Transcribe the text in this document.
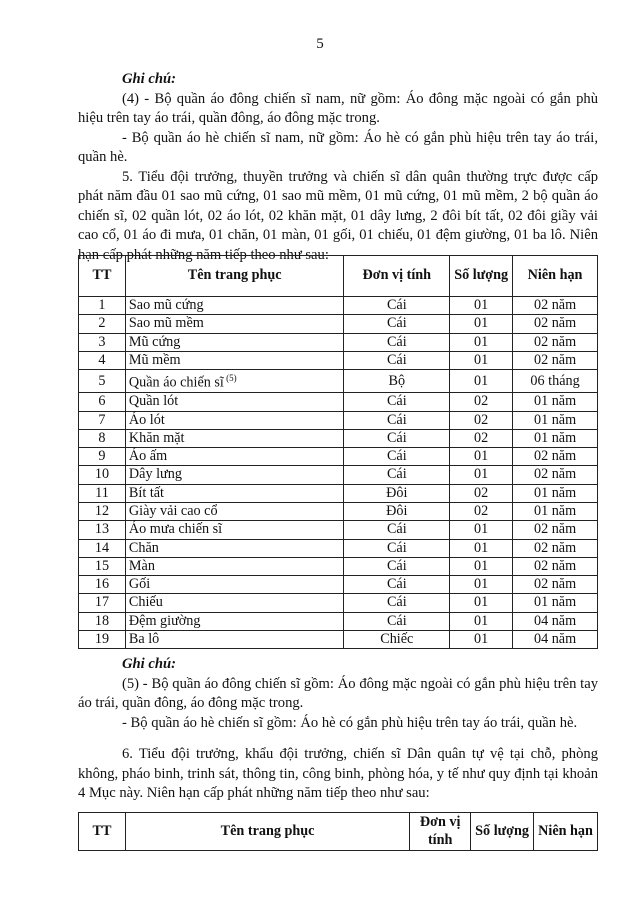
5

Ghi chú:

(4) - Bộ quần áo đông chiến sĩ nam, nữ gồm: Áo đông mặc ngoài có gắn phù hiệu trên tay áo trái, quần đông, áo đông mặc trong.

- Bộ quần áo hè chiến sĩ nam, nữ gồm: Áo hè có gắn phù hiệu trên tay áo trái, quần hè.

5. Tiểu đội trưởng, thuyền trưởng và chiến sĩ dân quân thường trực được cấp phát năm đầu 01 sao mũ cứng, 01 sao mũ mềm, 01 mũ cứng, 01 mũ mềm, 2 bộ quần áo chiến sĩ, 02 quần lót, 02 áo lót, 02 khăn mặt, 01 dây lưng, 2 đôi bít tất, 02 đôi giầy vải cao cổ, 01 áo đi mưa, 01 chăn, 01 màn, 01 gối, 01 chiếu, 01 đệm giường, 01 ba lô. Niên hạn cấp phát những năm tiếp theo như sau:

TT	Tên trang phục	Đơn vị tính	Số lượng	Niên hạn
1	Sao mũ cứng	Cái	01	02 năm
2	Sao mũ mềm	Cái	01	02 năm
3	Mũ cứng	Cái	01	02 năm
4	Mũ mềm	Cái	01	02 năm
5	Quần áo chiến sĩ $^{(5)}$	Bộ	01	06 tháng
6	Quần lót	Cái	02	01 năm
7	Áo lót	Cái	02	01 năm
8	Khăn mặt	Cái	02	01 năm
9	Áo ấm	Cái	01	02 năm
10	Dây lưng	Cái	01	02 năm
11	Bít tất	Đôi	02	01 năm
12	Giày vải cao cổ	Đôi	02	01 năm
13	Áo mưa chiến sĩ	Cái	01	02 năm
14	Chăn	Cái	01	02 năm
15	Màn	Cái	01	02 năm
16	Gối	Cái	01	02 năm
17	Chiếu	Cái	01	01 năm
18	Đệm giường	Cái	01	04 năm
19	Ba lô	Chiếc	01	04 năm

Ghi chú:

(5) - Bộ quần áo đông chiến sĩ gồm: Áo đông mặc ngoài có gắn phù hiệu trên tay áo trái, quần đông, áo đông mặc trong.

- Bộ quần áo hè chiến sĩ gồm: Áo hè có gắn phù hiệu trên tay áo trái, quần hè.

6. Tiểu đội trưởng, khẩu đội trưởng, chiến sĩ Dân quân tự vệ tại chỗ, phòng không, pháo binh, trinh sát, thông tin, công binh, phòng hóa, y tế như quy định tại khoản 4 Mục này. Niên hạn cấp phát những năm tiếp theo như sau:

TT	Tên trang phục	Đơn vị tính	Số lượng	Niên hạn
